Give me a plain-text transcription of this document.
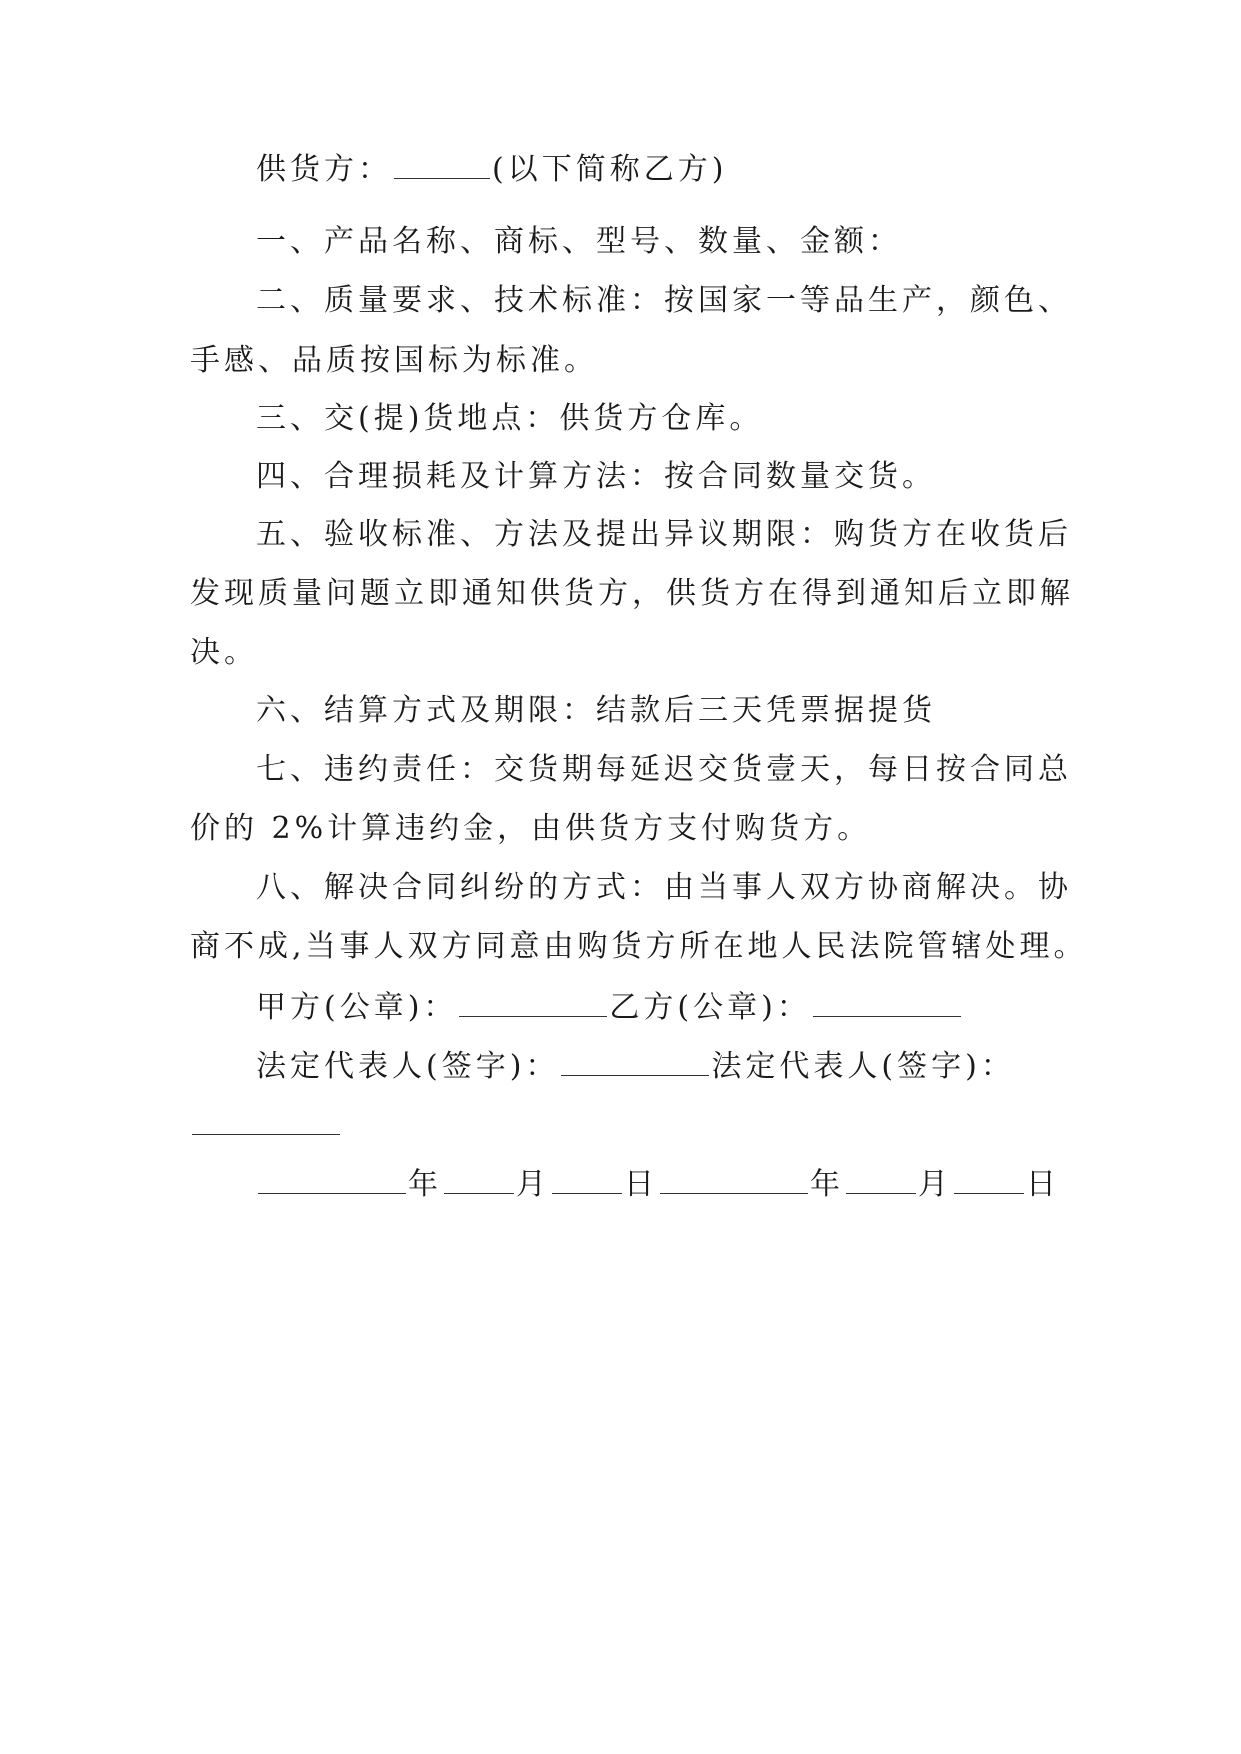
供货方：	(以下简称乙方)
一、产品名称、商标、型号、数量、金额：
二、质量要求、技术标准：按国家一等品生产，颜色、
手感、品质按国标为标准。
三、交(提)货地点：供货方仓库。
四、合理损耗及计算方法：按合同数量交货。
五、验收标准、方法及提出异议期限：购货方在收货后
发现质量问题立即通知供货方，供货方在得到通知后立即解
决。
六、结算方式及期限：结款后三天凭票据提货
七、违约责任：交货期每延迟交货壹天，每日按合同总
价的 2%计算违约金，由供货方支付购货方。
八、解决合同纠纷的方式：由当事人双方协商解决。协
商不成,当事人双方同意由购货方所在地人民法院管辖处理。
甲方(公章)：	乙方(公章)：
法定代表人(签字)：	法定代表人(签字)：
年 月 日	年 月 日
